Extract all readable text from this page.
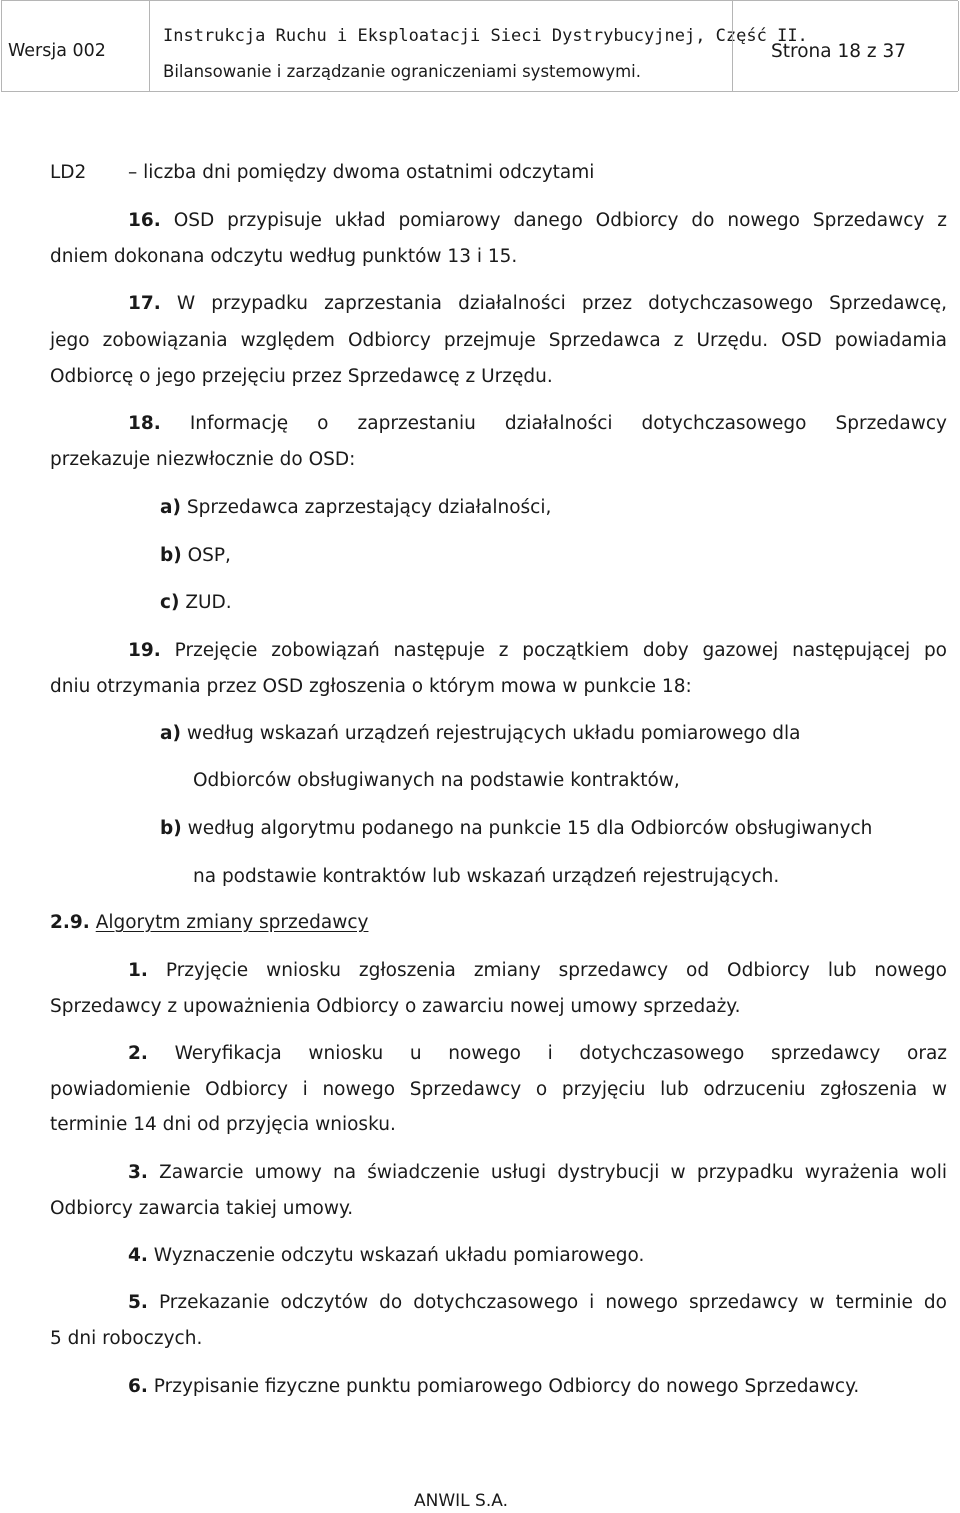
Wersja 002
Instrukcja Ruchu i Eksploatacji Sieci Dystrybucyjnej, Część II.
Bilansowanie i zarządzanie ograniczeniami systemowymi.
Strona 18 z 37
LD2 – liczba dni pomiędzy dwoma ostatnimi odczytami
16. OSD przypisuje układ pomiarowy danego Odbiorcy do nowego Sprzedawcy z
dniem dokonana odczytu według punktów 13 i 15.
17. W przypadku zaprzestania działalności przez dotychczasowego Sprzedawcę,
jego zobowiązania względem Odbiorcy przejmuje Sprzedawca z Urzędu. OSD powiadamia
Odbiorcę o jego przejęciu przez Sprzedawcę z Urzędu.
18. Informację o zaprzestaniu działalności dotychczasowego Sprzedawcy
przekazuje niezwłocznie do OSD:
a) Sprzedawca zaprzestający działalności,
b) OSP,
c) ZUD.
19. Przejęcie zobowiązań następuje z początkiem doby gazowej następującej po
dniu otrzymania przez OSD zgłoszenia o którym mowa w punkcie 18:
a) według wskazań urządzeń rejestrujących układu pomiarowego dla
Odbiorców obsługiwanych na podstawie kontraktów,
b) według algorytmu podanego na punkcie 15 dla Odbiorców obsługiwanych
na podstawie kontraktów lub wskazań urządzeń rejestrujących.
2.9. Algorytm zmiany sprzedawcy
1. Przyjęcie wniosku zgłoszenia zmiany sprzedawcy od Odbiorcy lub nowego
Sprzedawcy z upoważnienia Odbiorcy o zawarciu nowej umowy sprzedaży.
2. Weryfikacja wniosku u nowego i dotychczasowego sprzedawcy oraz
powiadomienie Odbiorcy i nowego Sprzedawcy o przyjęciu lub odrzuceniu zgłoszenia w
terminie 14 dni od przyjęcia wniosku.
3. Zawarcie umowy na świadczenie usługi dystrybucji w przypadku wyrażenia woli
Odbiorcy zawarcia takiej umowy.
4. Wyznaczenie odczytu wskazań układu pomiarowego.
5. Przekazanie odczytów do dotychczasowego i nowego sprzedawcy w terminie do
5 dni roboczych.
6. Przypisanie fizyczne punktu pomiarowego Odbiorcy do nowego Sprzedawcy.
ANWIL S.A.
